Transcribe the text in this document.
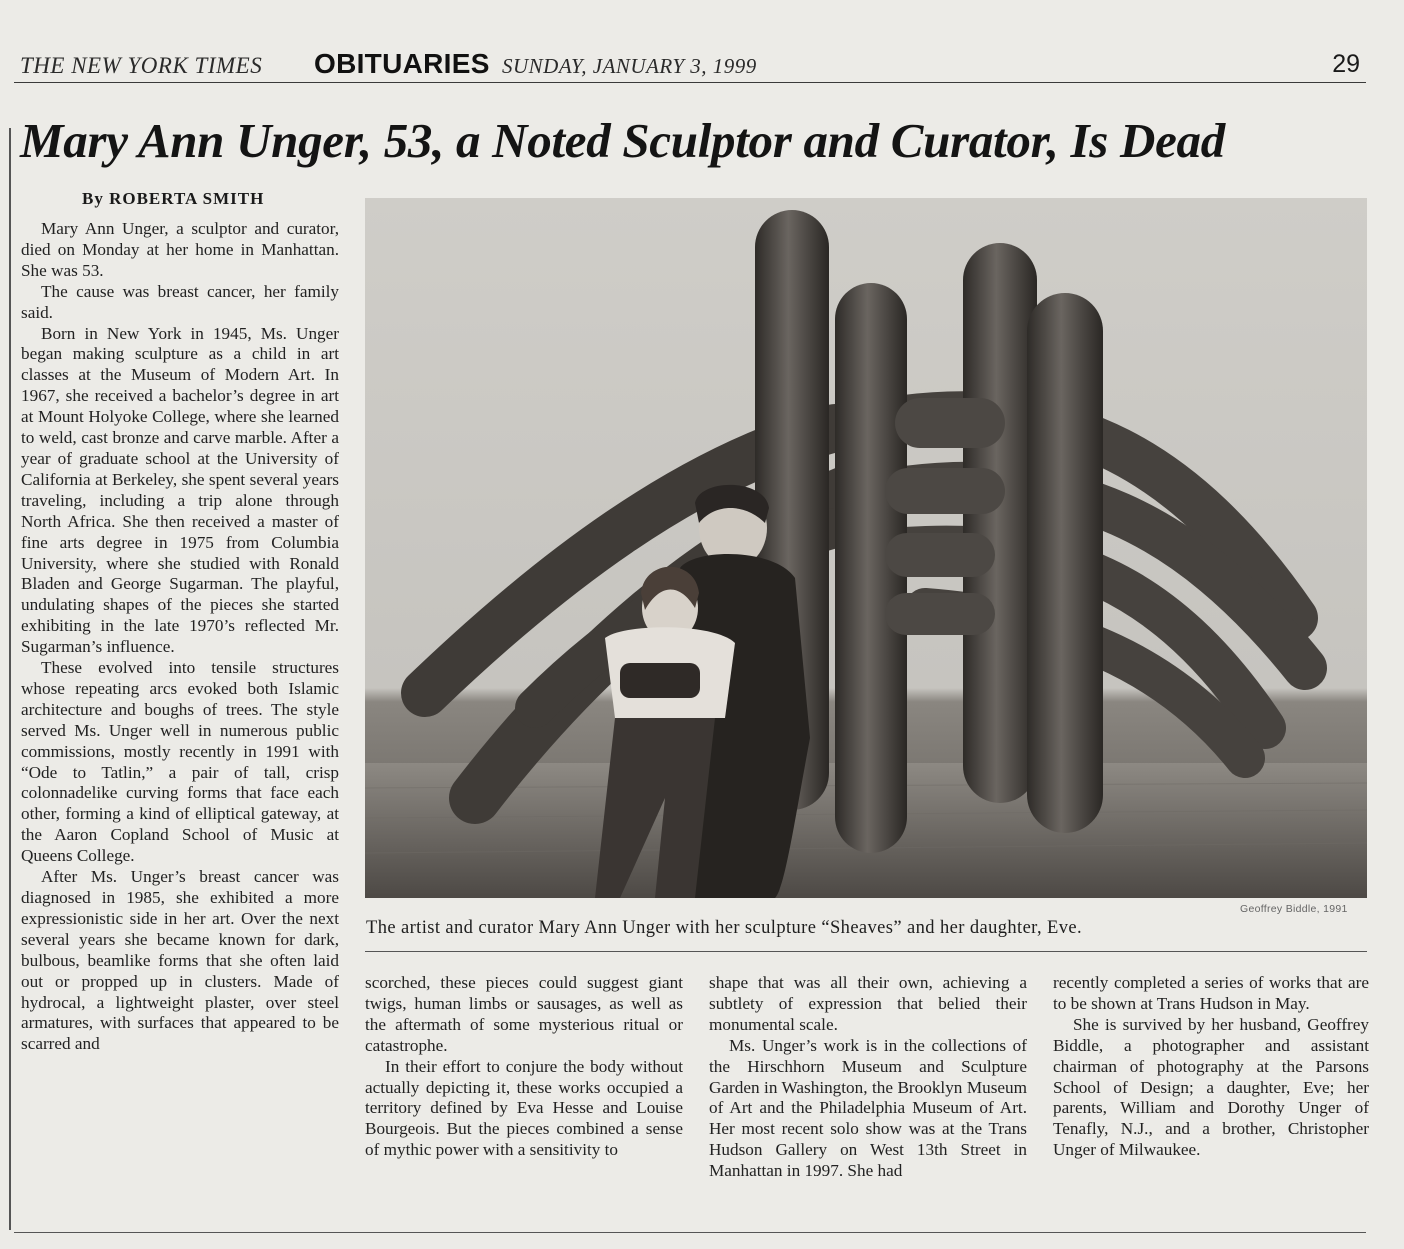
THE NEW YORK TIMES OBITUARIES SUNDAY, JANUARY 3, 1999	29
Mary Ann Unger, 53, a Noted Sculptor and Curator, Is Dead
By ROBERTA SMITH

Mary Ann Unger, a sculptor and curator, died on Monday at her home in Manhattan. She was 53.

The cause was breast cancer, her family said.

Born in New York in 1945, Ms. Unger began making sculpture as a child in art classes at the Museum of Modern Art. In 1967, she received a bachelor’s degree in art at Mount Holyoke College, where she learned to weld, cast bronze and carve marble. After a year of graduate school at the University of California at Berkeley, she spent several years traveling, including a trip alone through North Africa. She then received a master of fine arts degree in 1975 from Columbia University, where she studied with Ronald Bladen and George Sugarman. The playful, undulating shapes of the pieces she started exhibiting in the late 1970’s reflected Mr. Sugarman’s influence.

These evolved into tensile structures whose repeating arcs evoked both Islamic architecture and boughs of trees. The style served Ms. Unger well in numerous public commissions, mostly recently in 1991 with “Ode to Tatlin,” a pair of tall, crisp colonnadelike curving forms that face each other, forming a kind of elliptical gateway, at the Aaron Copland School of Music at Queens College.

After Ms. Unger’s breast cancer was diagnosed in 1985, she exhibited a more expressionistic side in her art. Over the next several years she became known for dark, bulbous, beamlike forms that she often laid out or propped up in clusters. Made of hydrocal, a lightweight plaster, over steel armatures, with surfaces that appeared to be scarred and

Geoffrey Biddle, 1991
The artist and curator Mary Ann Unger with her sculpture “Sheaves” and her daughter, Eve.

scorched, these pieces could suggest giant twigs, human limbs or sausages, as well as the aftermath of some mysterious ritual or catastrophe.

In their effort to conjure the body without actually depicting it, these works occupied a territory defined by Eva Hesse and Louise Bourgeois. But the pieces combined a sense of mythic power with a sensitivity to

shape that was all their own, achieving a subtlety of expression that belied their monumental scale.

Ms. Unger’s work is in the collections of the Hirschhorn Museum and Sculpture Garden in Washington, the Brooklyn Museum of Art and the Philadelphia Museum of Art. Her most recent solo show was at the Trans Hudson Gallery on West 13th Street in Manhattan in 1997. She had

recently completed a series of works that are to be shown at Trans Hudson in May.

She is survived by her husband, Geoffrey Biddle, a photographer and assistant chairman of photography at the Parsons School of Design; a daughter, Eve; her parents, William and Dorothy Unger of Tenafly, N.J., and a brother, Christopher Unger of Milwaukee.
